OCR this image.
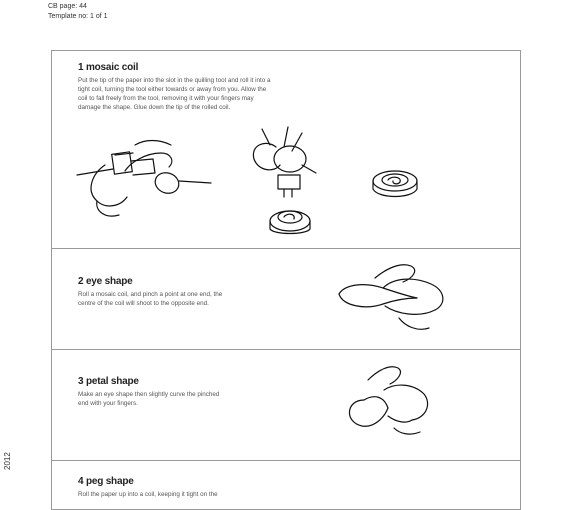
CB page: 44
Template no: 1 of 1
2012
1 mosaic coil
Put the tip of the paper into the slot in the quilling tool and roll it into a
tight coil, turning the tool either towards or away from you. Allow the
coil to fall freely from the tool, removing it with your fingers may
damage the shape. Glue down the tip of the rolled coil.
2 eye shape
Roll a mosaic coil, and pinch a point at one end, the
centre of the coil will shoot to the opposite end.
3 petal shape
Make an eye shape then slightly curve the pinched
end with your fingers.
4 peg shape
Roll the paper up into a coil, keeping it tight on the
